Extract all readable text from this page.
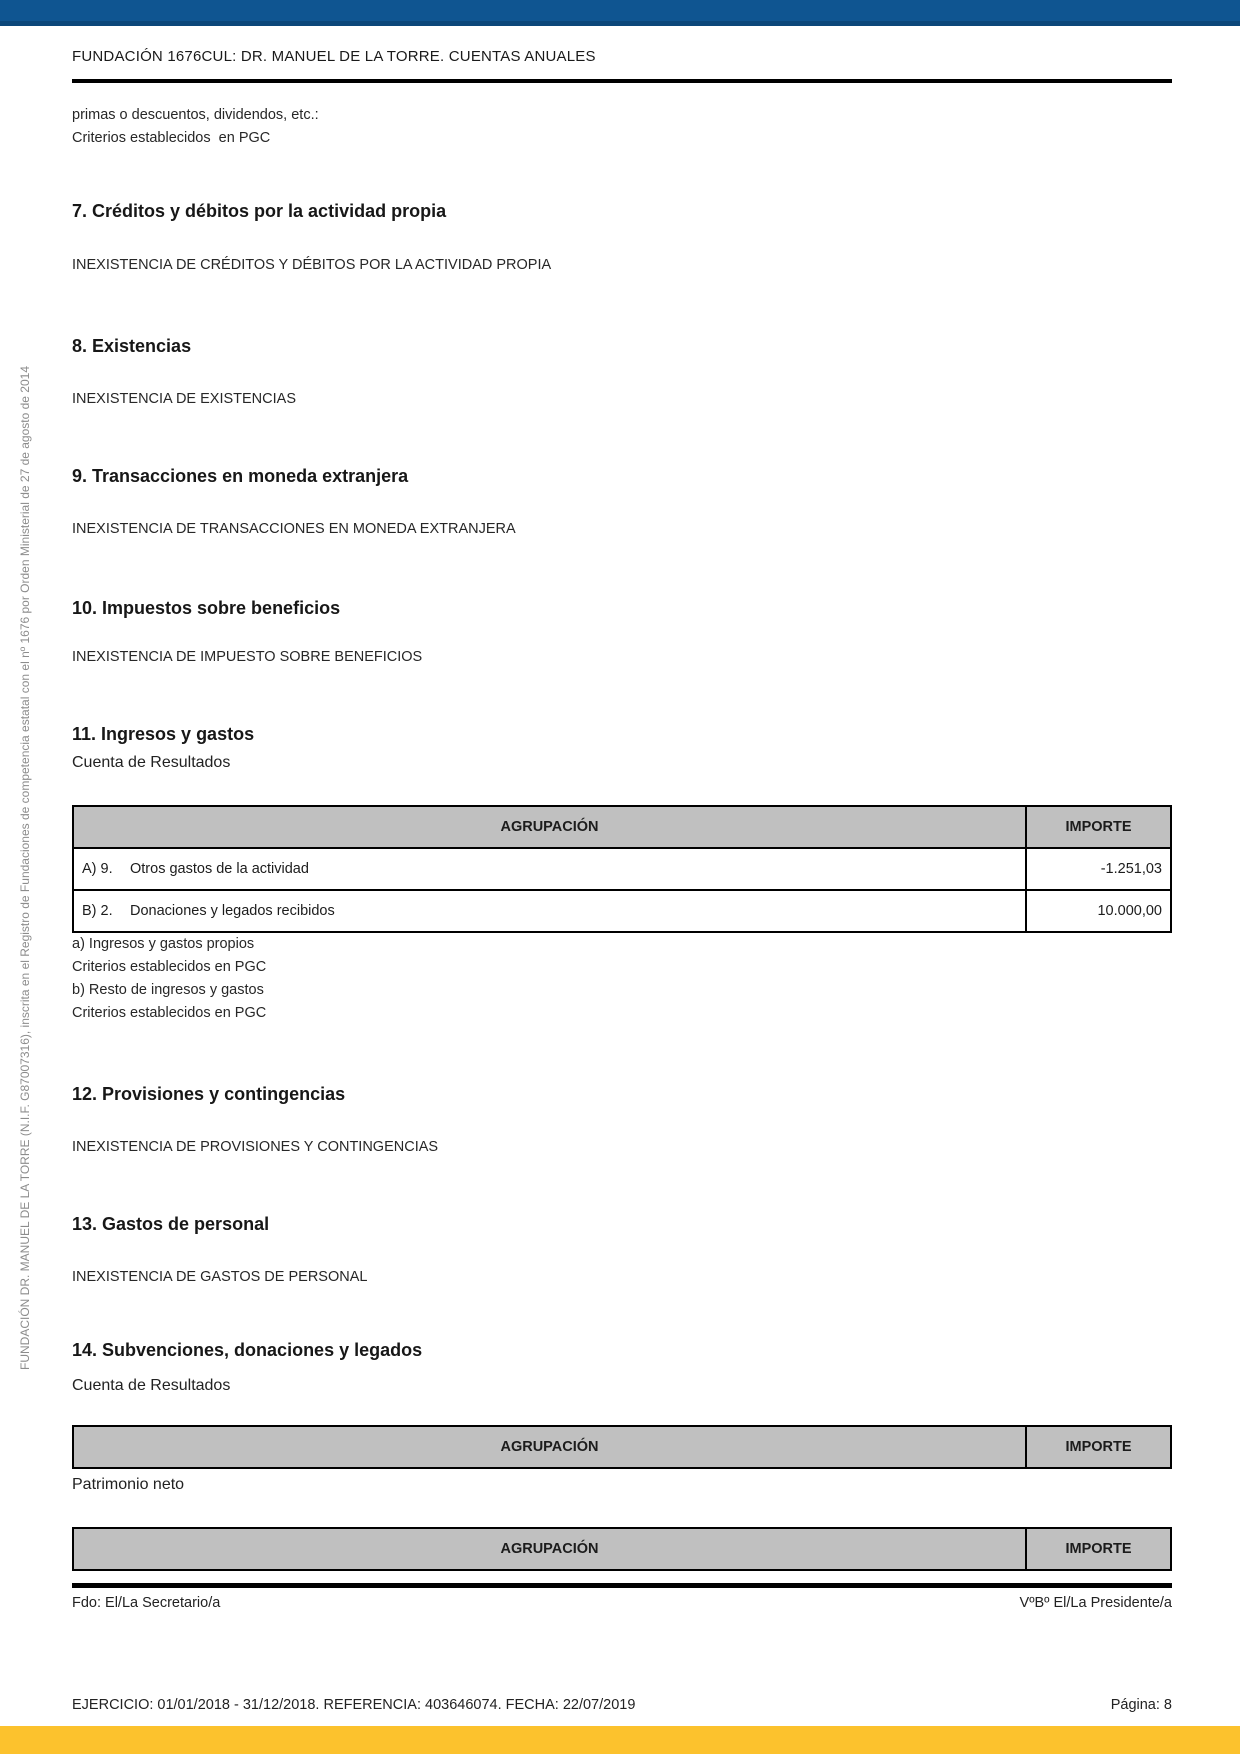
FUNDACIÓN DR. MANUEL DE LA TORRE (N.I.F. G87007316), inscrita en el Registro de Fundaciones de competencia estatal con el nº 1676 por Orden Ministerial de 27 de agosto de 2014
FUNDACIÓN 1676CUL: DR. MANUEL DE LA TORRE. CUENTAS ANUALES
primas o descuentos, dividendos, etc.:
Criterios establecidos  en PGC
7. Créditos y débitos por la actividad propia
INEXISTENCIA DE CRÉDITOS Y DÉBITOS POR LA ACTIVIDAD PROPIA
8. Existencias
INEXISTENCIA DE EXISTENCIAS
9. Transacciones en moneda extranjera
INEXISTENCIA DE TRANSACCIONES EN MONEDA EXTRANJERA
10. Impuestos sobre beneficios
INEXISTENCIA DE IMPUESTO SOBRE BENEFICIOS
11. Ingresos y gastos
Cuenta de Resultados
AGRUPACIÓN	IMPORTE
A) 9. Otros gastos de la actividad	-1.251,03
B) 2. Donaciones y legados recibidos	10.000,00
a) Ingresos y gastos propios
Criterios establecidos en PGC
b) Resto de ingresos y gastos
Criterios establecidos en PGC
12. Provisiones y contingencias
INEXISTENCIA DE PROVISIONES Y CONTINGENCIAS
13. Gastos de personal
INEXISTENCIA DE GASTOS DE PERSONAL
14. Subvenciones, donaciones y legados
Cuenta de Resultados
AGRUPACIÓN	IMPORTE
Patrimonio neto
AGRUPACIÓN	IMPORTE
Fdo: El/La Secretario/a	VºBº El/La Presidente/a
EJERCICIO: 01/01/2018 - 31/12/2018. REFERENCIA: 403646074. FECHA: 22/07/2019	Página: 8
